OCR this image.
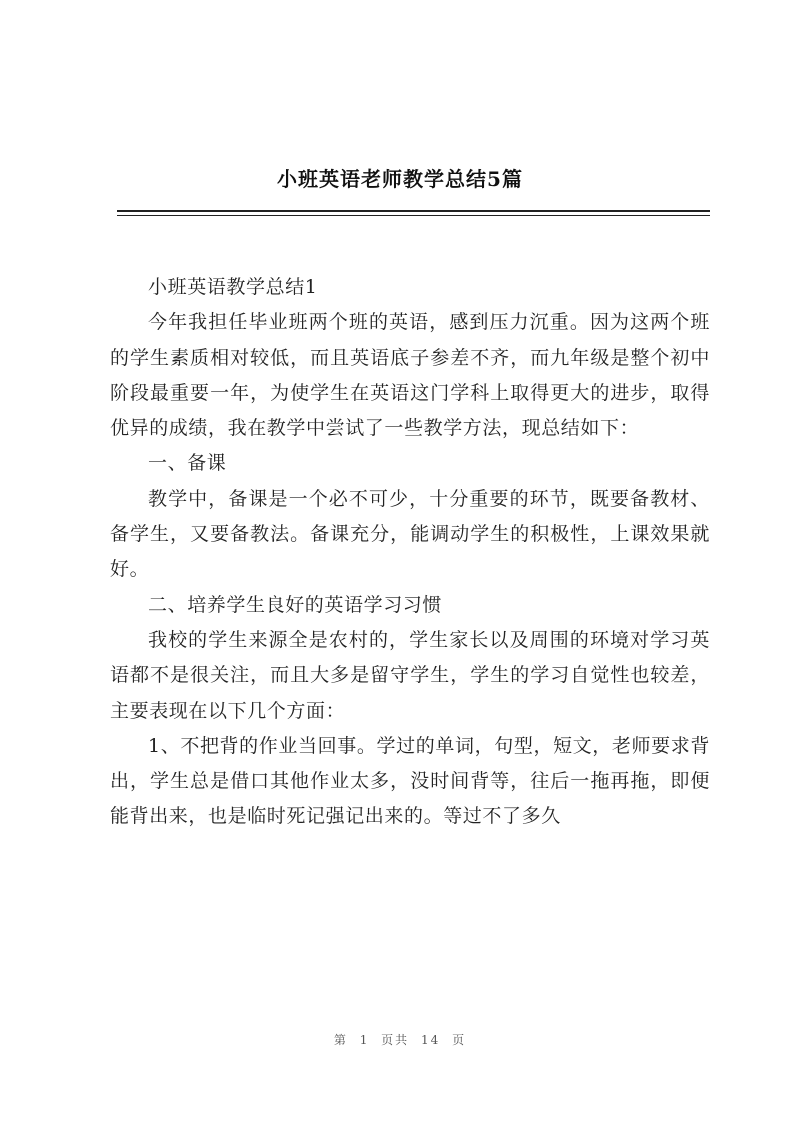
小班英语老师教学总结5篇

小班英语教学总结1

今年我担任毕业班两个班的英语，感到压力沉重。因为这两个班的学生素质相对较低，而且英语底子参差不齐，而九年级是整个初中阶段最重要一年，为使学生在英语这门学科上取得更大的进步，取得优异的成绩，我在教学中尝试了一些教学方法，现总结如下：

一、备课

教学中，备课是一个必不可少，十分重要的环节，既要备教材、备学生，又要备教法。备课充分，能调动学生的积极性，上课效果就好。

二、培养学生良好的英语学习习惯

我校的学生来源全是农村的，学生家长以及周围的环境对学习英语都不是很关注，而且大多是留守学生，学生的学习自觉性也较差，主要表现在以下几个方面：

1、不把背的作业当回事。学过的单词，句型，短文，老师要求背出，学生总是借口其他作业太多，没时间背等，往后一拖再拖，即便能背出来，也是临时死记强记出来的。等过不了多久

第 1 页共 14 页
